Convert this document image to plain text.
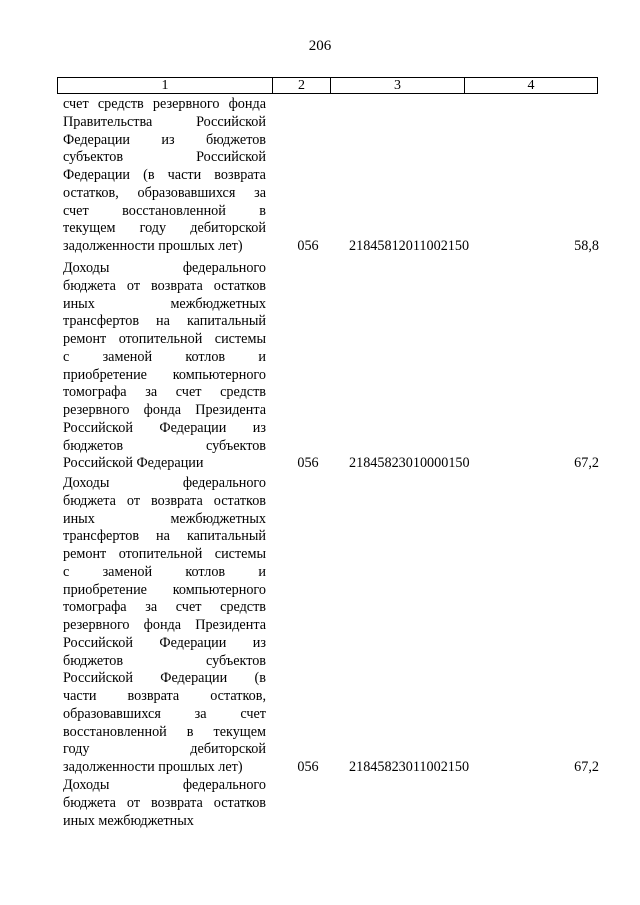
206
1	2	3	4
счет средств резервного фонда
Правительства Российской
Федерации из бюджетов
субъектов Российской
Федерации (в части возврата
остатков, образовавшихся за
счет восстановленной в
текущем году дебиторской
задолженности прошлых лет)	056	21845812011002150	58,8
Доходы федерального
бюджета от возврата остатков
иных межбюджетных
трансфертов на капитальный
ремонт отопительной системы
с заменой котлов и
приобретение компьютерного
томографа за счет средств
резервного фонда Президента
Российской Федерации из
бюджетов субъектов
Российской Федерации	056	21845823010000150	67,2
Доходы федерального
бюджета от возврата остатков
иных межбюджетных
трансфертов на капитальный
ремонт отопительной системы
с заменой котлов и
приобретение компьютерного
томографа за счет средств
резервного фонда Президента
Российской Федерации из
бюджетов субъектов
Российской Федерации (в
части возврата остатков,
образовавшихся за счет
восстановленной в текущем
году дебиторской
задолженности прошлых лет)	056	21845823011002150	67,2
Доходы федерального
бюджета от возврата остатков
иных межбюджетных
